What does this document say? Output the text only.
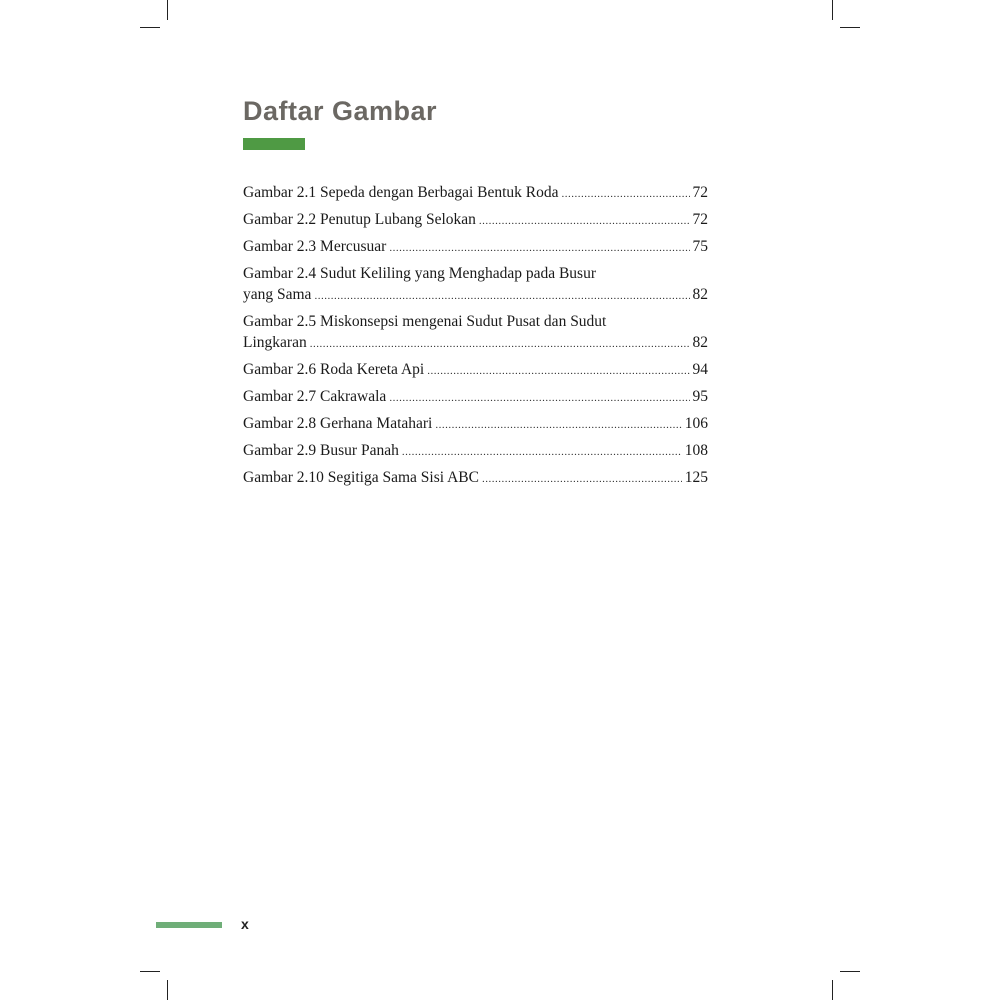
Daftar Gambar
Gambar 2.1 Sepeda dengan Berbagai Bentuk Roda .....	72
Gambar 2.2 Penutup Lubang Selokan .....	72
Gambar 2.3 Mercusuar .....	75
Gambar 2.4 Sudut Keliling yang Menghadap pada Busur
yang Sama .....	82
Gambar 2.5 Miskonsepsi mengenai Sudut Pusat dan Sudut
Lingkaran .....	82
Gambar 2.6 Roda Kereta Api .....	94
Gambar 2.7 Cakrawala .....	95
Gambar 2.8 Gerhana Matahari .....	106
Gambar 2.9 Busur Panah .....	108
Gambar 2.10 Segitiga Sama Sisi ABC .....	125
x
